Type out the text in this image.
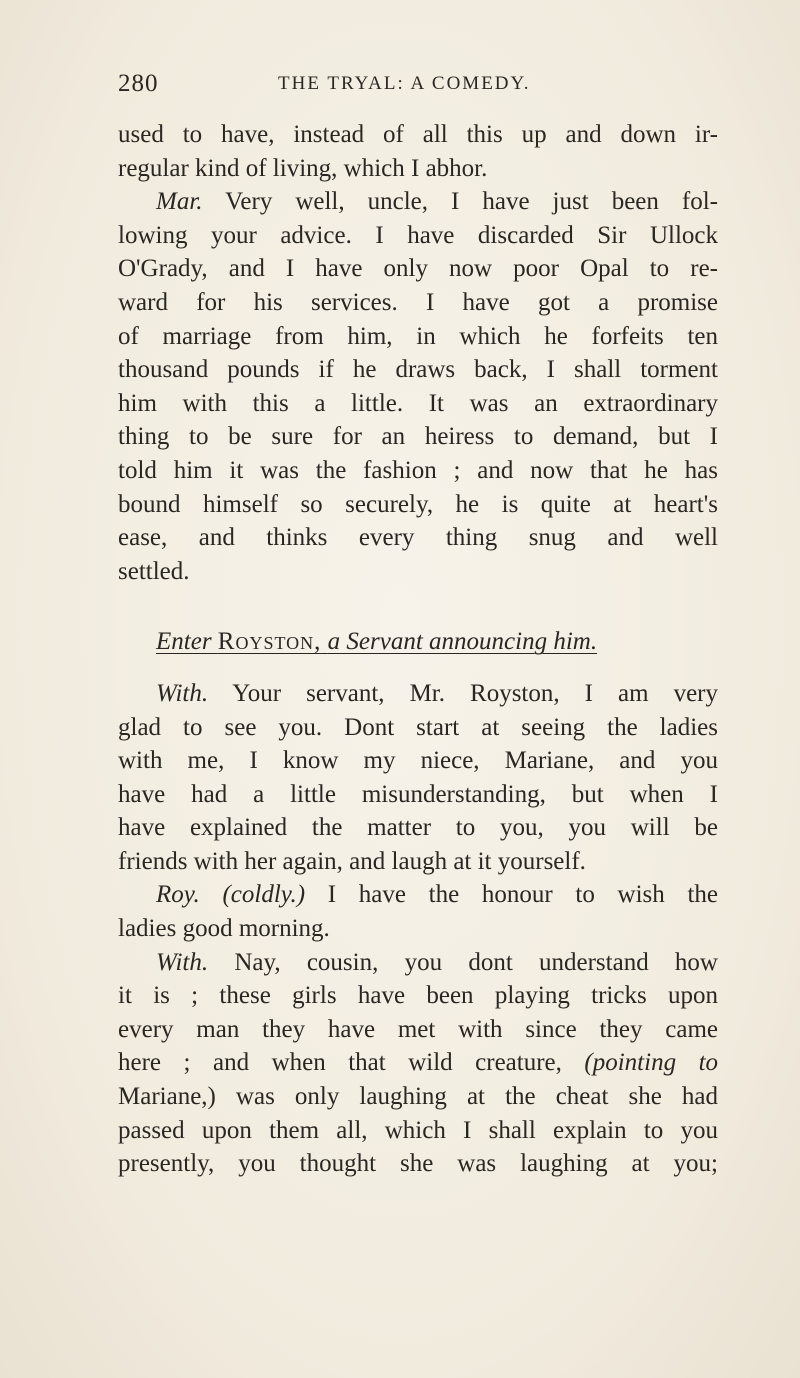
280	THE TRYAL: A COMEDY.
used to have, instead of all this up and down ir-
regular kind of living, which I abhor.
Mar. Very well, uncle, I have just been fol-
lowing your advice. I have discarded Sir Ullock
O'Grady, and I have only now poor Opal to re-
ward for his services. I have got a promise
of marriage from him, in which he forfeits ten
thousand pounds if he draws back, I shall torment
him with this a little. It was an extraordinary
thing to be sure for an heiress to demand, but I
told him it was the fashion ; and now that he has
bound himself so securely, he is quite at heart's
ease, and thinks every thing snug and well
settled.
Enter Royston, a Servant announcing him.
With. Your servant, Mr. Royston, I am very
glad to see you. Dont start at seeing the ladies
with me, I know my niece, Mariane, and you
have had a little misunderstanding, but when I
have explained the matter to you, you will be
friends with her again, and laugh at it yourself.
Roy. (coldly.) I have the honour to wish the
ladies good morning.
With. Nay, cousin, you dont understand how
it is ; these girls have been playing tricks upon
every man they have met with since they came
here ; and when that wild creature, (pointing to
Mariane,) was only laughing at the cheat she had
passed upon them all, which I shall explain to you
presently, you thought she was laughing at you;
